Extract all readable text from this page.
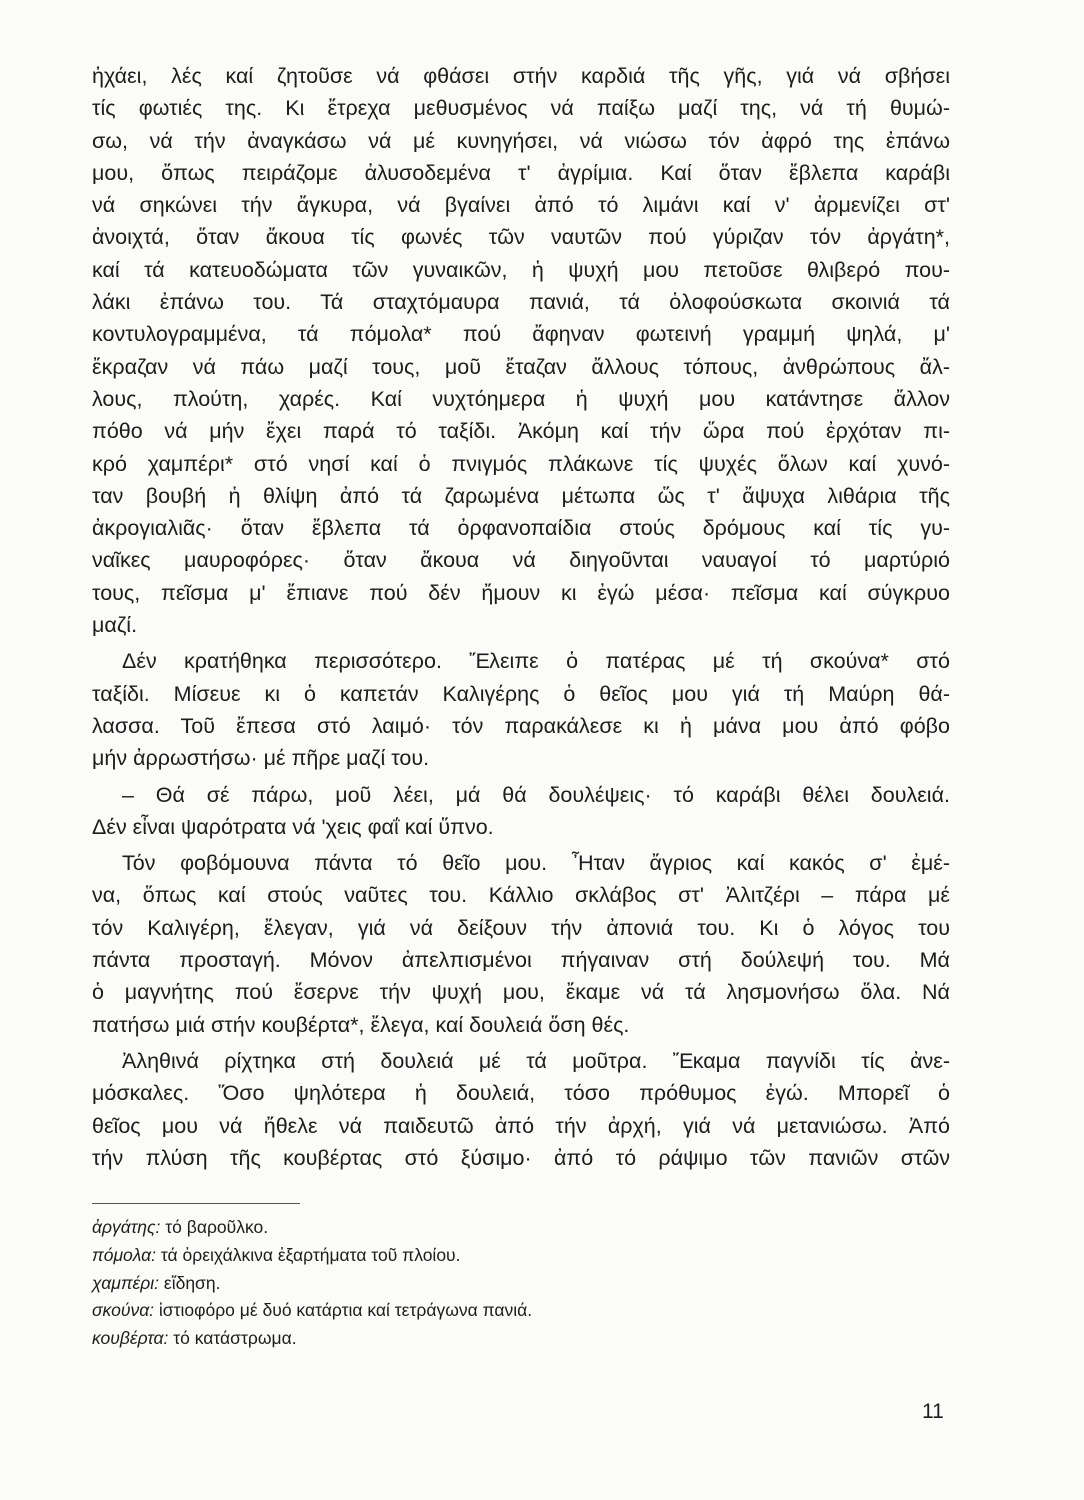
ἠχάει, λές καί ζητοῦσε νά φθάσει στήν καρδιά τῆς γῆς, γιά νά σβήσει
τίς φωτιές της. Κι ἔτρεχα μεθυσμένος νά παίξω μαζί της, νά τή θυμώ-
σω, νά τήν ἀναγκάσω νά μέ κυνηγήσει, νά νιώσω τόν ἀφρό της ἐπάνω
μου, ὅπως πειράζομε ἀλυσοδεμένα τ' ἀγρίμια. Καί ὅταν ἔβλεπα καράβι
νά σηκώνει τήν ἄγκυρα, νά βγαίνει ἀπό τό λιμάνι καί ν' ἀρμενίζει στ'
ἀνοιχτά, ὅταν ἄκουα τίς φωνές τῶν ναυτῶν πού γύριζαν τόν ἀργάτη*,
καί τά κατευοδώματα τῶν γυναικῶν, ἡ ψυχή μου πετοῦσε θλιβερό που-
λάκι ἐπάνω του. Τά σταχτόμαυρα πανιά, τά ὁλοφούσκωτα σκοινιά τά
κοντυλογραμμένα, τά πόμολα* πού ἄφηναν φωτεινή γραμμή ψηλά, μ'
ἔκραζαν νά πάω μαζί τους, μοῦ ἔταζαν ἄλλους τόπους, ἀνθρώπους ἄλ-
λους, πλούτη, χαρές. Καί νυχτόημερα ἡ ψυχή μου κατάντησε ἄλλον
πόθο νά μήν ἔχει παρά τό ταξίδι. Ἀκόμη καί τήν ὥρα πού ἐρχόταν πι-
κρό χαμπέρι* στό νησί καί ὁ πνιγμός πλάκωνε τίς ψυχές ὅλων καί χυνό-
ταν βουβή ἡ θλίψη ἀπό τά ζαρωμένα μέτωπα ὥς τ' ἄψυχα λιθάρια τῆς
ἀκρογιαλιᾶς· ὅταν ἔβλεπα τά ὀρφανοπαίδια στούς δρόμους καί τίς γυ-
ναῖκες μαυροφόρες· ὅταν ἄκουα νά διηγοῦνται ναυαγοί τό μαρτύριό
τους, πεῖσμα μ' ἔπιανε πού δέν ἤμουν κι ἐγώ μέσα· πεῖσμα καί σύγκρυο
μαζί.
Δέν κρατήθηκα περισσότερο. Ἔλειπε ὁ πατέρας μέ τή σκούνα* στό
ταξίδι. Μίσευε κι ὁ καπετάν Καλιγέρης ὁ θεῖος μου γιά τή Μαύρη θά-
λασσα. Τοῦ ἔπεσα στό λαιμό· τόν παρακάλεσε κι ἡ μάνα μου ἀπό φόβο
μήν ἀρρωστήσω· μέ πῆρε μαζί του.
– Θά σέ πάρω, μοῦ λέει, μά θά δουλέψεις· τό καράβι θέλει δουλειά.
Δέν εἶναι ψαρότρατα νά 'χεις φαΐ καί ὕπνο.
Τόν φοβόμουνα πάντα τό θεῖο μου. Ἦταν ἄγριος καί κακός σ' ἐμέ-
να, ὅπως καί στούς ναῦτες του. Κάλλιο σκλάβος στ' Ἀλιτζέρι – πάρα μέ
τόν Καλιγέρη, ἔλεγαν, γιά νά δείξουν τήν ἀπονιά του. Κι ὁ λόγος του
πάντα προσταγή. Μόνον ἀπελπισμένοι πήγαιναν στή δούλεψή του. Μά
ὁ μαγνήτης πού ἔσερνε τήν ψυχή μου, ἔκαμε νά τά λησμονήσω ὅλα. Νά
πατήσω μιά στήν κουβέρτα*, ἔλεγα, καί δουλειά ὅση θές.
Ἀληθινά ρίχτηκα στή δουλειά μέ τά μοῦτρα. Ἔκαμα παγνίδι τίς ἀνε-
μόσκαλες. Ὅσο ψηλότερα ἡ δουλειά, τόσο πρόθυμος ἐγώ. Μπορεῖ ὁ
θεῖος μου νά ἤθελε νά παιδευτῶ ἀπό τήν ἀρχή, γιά νά μετανιώσω. Ἀπό
τήν πλύση τῆς κουβέρτας στό ξύσιμο· ἀπό τό ράψιμο τῶν πανιῶν στῶν
ἀργάτης: τό βαροῦλκο.
πόμολα: τά ὀρειχάλκινα ἐξαρτήματα τοῦ πλοίου.
χαμπέρι: εἴδηση.
σκούνα: ἱστιοφόρο μέ δυό κατάρτια καί τετράγωνα πανιά.
κουβέρτα: τό κατάστρωμα.
11
